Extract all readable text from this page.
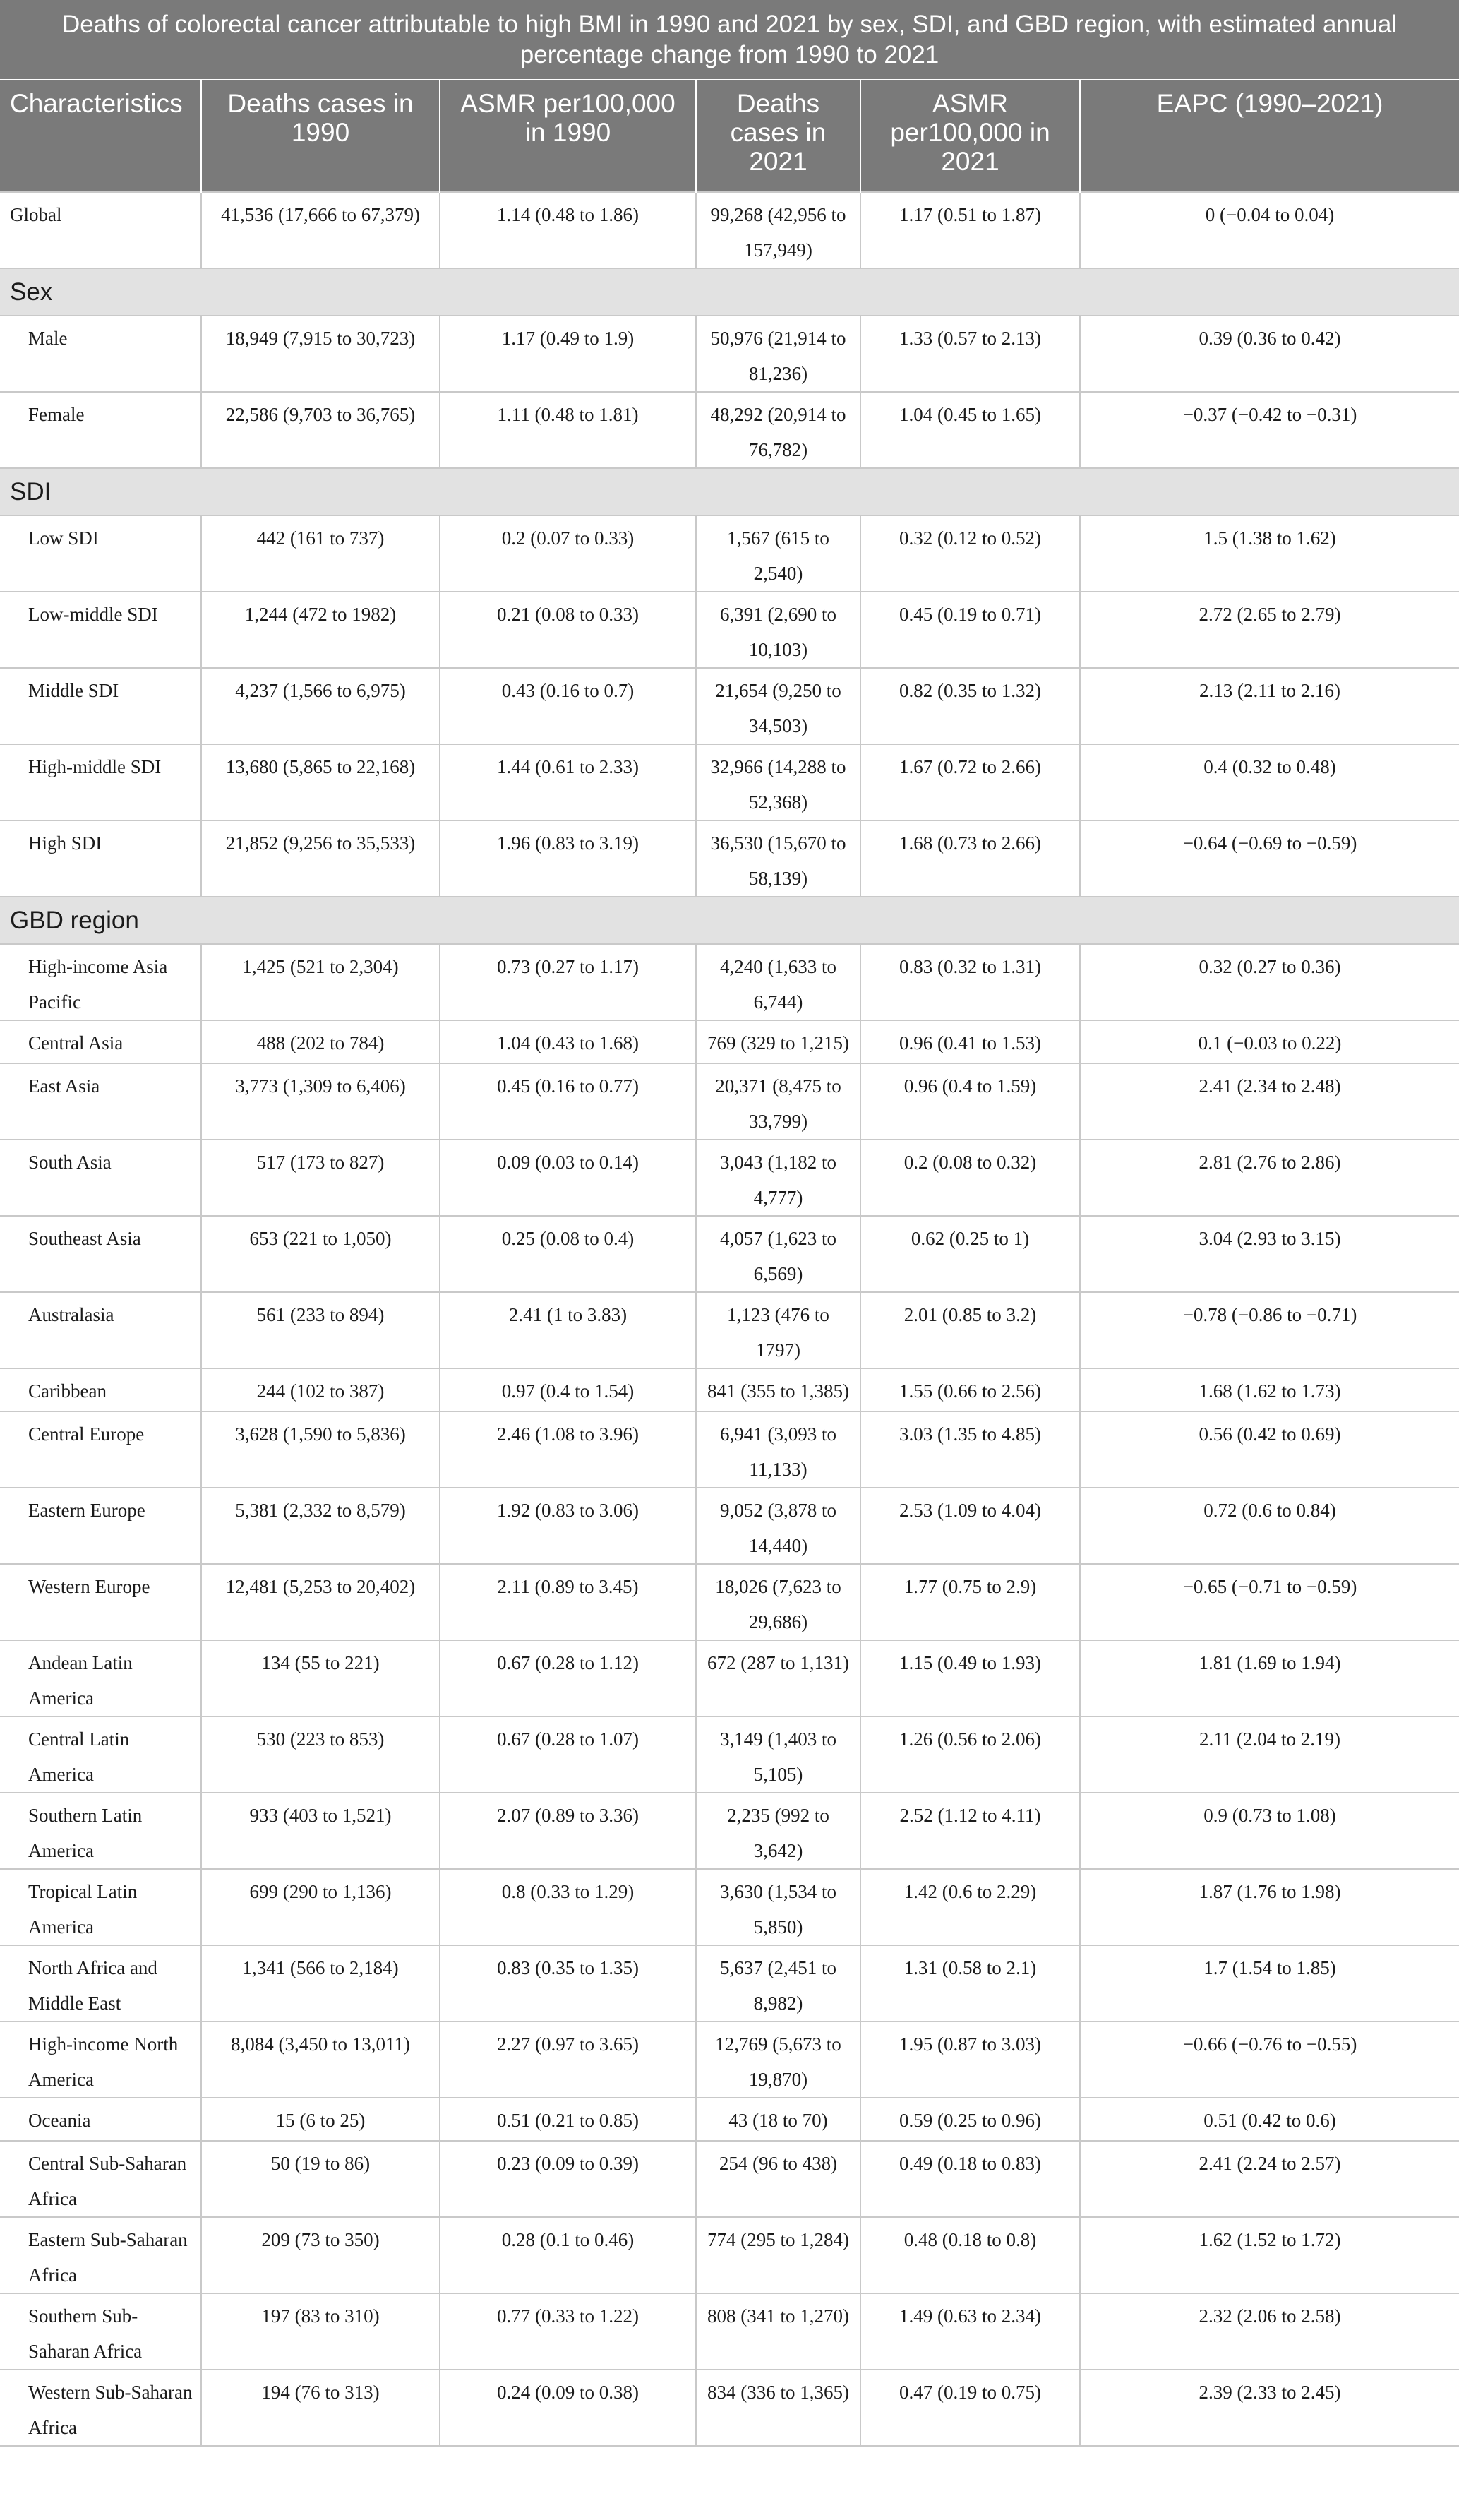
Deaths of colorectal cancer attributable to high BMI in 1990 and 2021 by sex, SDI, and GBD region, with estimated annual percentage change from 1990 to 2021					
Characteristics	Deaths cases in 1990	ASMR per100,000 in 1990	Deaths cases in 2021	ASMR per100,000 in 2021	EAPC (1990–2021)
Global	41,536 (17,666 to 67,379)	1.14 (0.48 to 1.86)	99,268 (42,956 to 157,949)	1.17 (0.51 to 1.87)	0 (−0.04 to 0.04)
Sex					
Male	18,949 (7,915 to 30,723)	1.17 (0.49 to 1.9)	50,976 (21,914 to 81,236)	1.33 (0.57 to 2.13)	0.39 (0.36 to 0.42)
Female	22,586 (9,703 to 36,765)	1.11 (0.48 to 1.81)	48,292 (20,914 to 76,782)	1.04 (0.45 to 1.65)	−0.37 (−0.42 to −0.31)
SDI					
Low SDI	442 (161 to 737)	0.2 (0.07 to 0.33)	1,567 (615 to 2,540)	0.32 (0.12 to 0.52)	1.5 (1.38 to 1.62)
Low-middle SDI	1,244 (472 to 1982)	0.21 (0.08 to 0.33)	6,391 (2,690 to 10,103)	0.45 (0.19 to 0.71)	2.72 (2.65 to 2.79)
Middle SDI	4,237 (1,566 to 6,975)	0.43 (0.16 to 0.7)	21,654 (9,250 to 34,503)	0.82 (0.35 to 1.32)	2.13 (2.11 to 2.16)
High-middle SDI	13,680 (5,865 to 22,168)	1.44 (0.61 to 2.33)	32,966 (14,288 to 52,368)	1.67 (0.72 to 2.66)	0.4 (0.32 to 0.48)
High SDI	21,852 (9,256 to 35,533)	1.96 (0.83 to 3.19)	36,530 (15,670 to 58,139)	1.68 (0.73 to 2.66)	−0.64 (−0.69 to −0.59)
GBD region					
High-income Asia Pacific	1,425 (521 to 2,304)	0.73 (0.27 to 1.17)	4,240 (1,633 to 6,744)	0.83 (0.32 to 1.31)	0.32 (0.27 to 0.36)
Central Asia	488 (202 to 784)	1.04 (0.43 to 1.68)	769 (329 to 1,215)	0.96 (0.41 to 1.53)	0.1 (−0.03 to 0.22)
East Asia	3,773 (1,309 to 6,406)	0.45 (0.16 to 0.77)	20,371 (8,475 to 33,799)	0.96 (0.4 to 1.59)	2.41 (2.34 to 2.48)
South Asia	517 (173 to 827)	0.09 (0.03 to 0.14)	3,043 (1,182 to 4,777)	0.2 (0.08 to 0.32)	2.81 (2.76 to 2.86)
Southeast Asia	653 (221 to 1,050)	0.25 (0.08 to 0.4)	4,057 (1,623 to 6,569)	0.62 (0.25 to 1)	3.04 (2.93 to 3.15)
Australasia	561 (233 to 894)	2.41 (1 to 3.83)	1,123 (476 to 1797)	2.01 (0.85 to 3.2)	−0.78 (−0.86 to −0.71)
Caribbean	244 (102 to 387)	0.97 (0.4 to 1.54)	841 (355 to 1,385)	1.55 (0.66 to 2.56)	1.68 (1.62 to 1.73)
Central Europe	3,628 (1,590 to 5,836)	2.46 (1.08 to 3.96)	6,941 (3,093 to 11,133)	3.03 (1.35 to 4.85)	0.56 (0.42 to 0.69)
Eastern Europe	5,381 (2,332 to 8,579)	1.92 (0.83 to 3.06)	9,052 (3,878 to 14,440)	2.53 (1.09 to 4.04)	0.72 (0.6 to 0.84)
Western Europe	12,481 (5,253 to 20,402)	2.11 (0.89 to 3.45)	18,026 (7,623 to 29,686)	1.77 (0.75 to 2.9)	−0.65 (−0.71 to −0.59)
Andean Latin America	134 (55 to 221)	0.67 (0.28 to 1.12)	672 (287 to 1,131)	1.15 (0.49 to 1.93)	1.81 (1.69 to 1.94)
Central Latin America	530 (223 to 853)	0.67 (0.28 to 1.07)	3,149 (1,403 to 5,105)	1.26 (0.56 to 2.06)	2.11 (2.04 to 2.19)
Southern Latin America	933 (403 to 1,521)	2.07 (0.89 to 3.36)	2,235 (992 to 3,642)	2.52 (1.12 to 4.11)	0.9 (0.73 to 1.08)
Tropical Latin America	699 (290 to 1,136)	0.8 (0.33 to 1.29)	3,630 (1,534 to 5,850)	1.42 (0.6 to 2.29)	1.87 (1.76 to 1.98)
North Africa and Middle East	1,341 (566 to 2,184)	0.83 (0.35 to 1.35)	5,637 (2,451 to 8,982)	1.31 (0.58 to 2.1)	1.7 (1.54 to 1.85)
High-income North America	8,084 (3,450 to 13,011)	2.27 (0.97 to 3.65)	12,769 (5,673 to 19,870)	1.95 (0.87 to 3.03)	−0.66 (−0.76 to −0.55)
Oceania	15 (6 to 25)	0.51 (0.21 to 0.85)	43 (18 to 70)	0.59 (0.25 to 0.96)	0.51 (0.42 to 0.6)
Central Sub-Saharan Africa	50 (19 to 86)	0.23 (0.09 to 0.39)	254 (96 to 438)	0.49 (0.18 to 0.83)	2.41 (2.24 to 2.57)
Eastern Sub-Saharan Africa	209 (73 to 350)	0.28 (0.1 to 0.46)	774 (295 to 1,284)	0.48 (0.18 to 0.8)	1.62 (1.52 to 1.72)
Southern Sub-Saharan Africa	197 (83 to 310)	0.77 (0.33 to 1.22)	808 (341 to 1,270)	1.49 (0.63 to 2.34)	2.32 (2.06 to 2.58)
Western Sub-Saharan Africa	194 (76 to 313)	0.24 (0.09 to 0.38)	834 (336 to 1,365)	0.47 (0.19 to 0.75)	2.39 (2.33 to 2.45)
